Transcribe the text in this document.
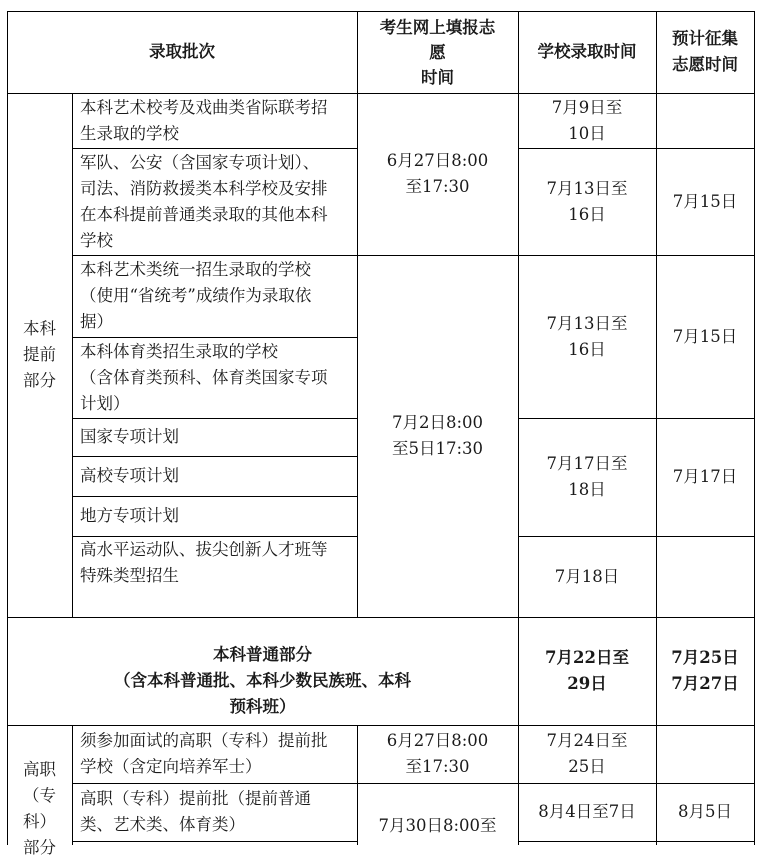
录取批次
考生网上填报志
愿
时间
学校录取时间
预计征集
志愿时间
本科
提前
部分
本科艺术校考及戏曲类省际联考招
生录取的学校
军队、公安（含国家专项计划）、
司法、消防救援类本科学校及安排
在本科提前普通类录取的其他本科
学校
本科艺术类统一招生录取的学校
（使用“省统考”成绩作为录取依
据）
本科体育类招生录取的学校
（含体育类预科、体育类国家专项
计划）
国家专项计划
高校专项计划
地方专项计划
高水平运动队、拔尖创新人才班等
特殊类型招生
6月27日8:00
至17:30
7月2日8:00
至5日17:30
7月9日至
10日
7月13日至
16日
7月13日至
16日
7月17日至
18日
7月18日
7月15日
7月15日
7月17日
本科普通部分
（含本科普通批、本科少数民族班、本科
预科班）
7月22日至
29日
7月25日
7月27日
高职
（专
科）
部分
须参加面试的高职（专科）提前批
学校（含定向培养军士）
6月27日8:00
至17:30
7月24日至
25日
高职（专科）提前批（提前普通
类、艺术类、体育类）	7月30日8:00至
8月4日至7日	8月5日
